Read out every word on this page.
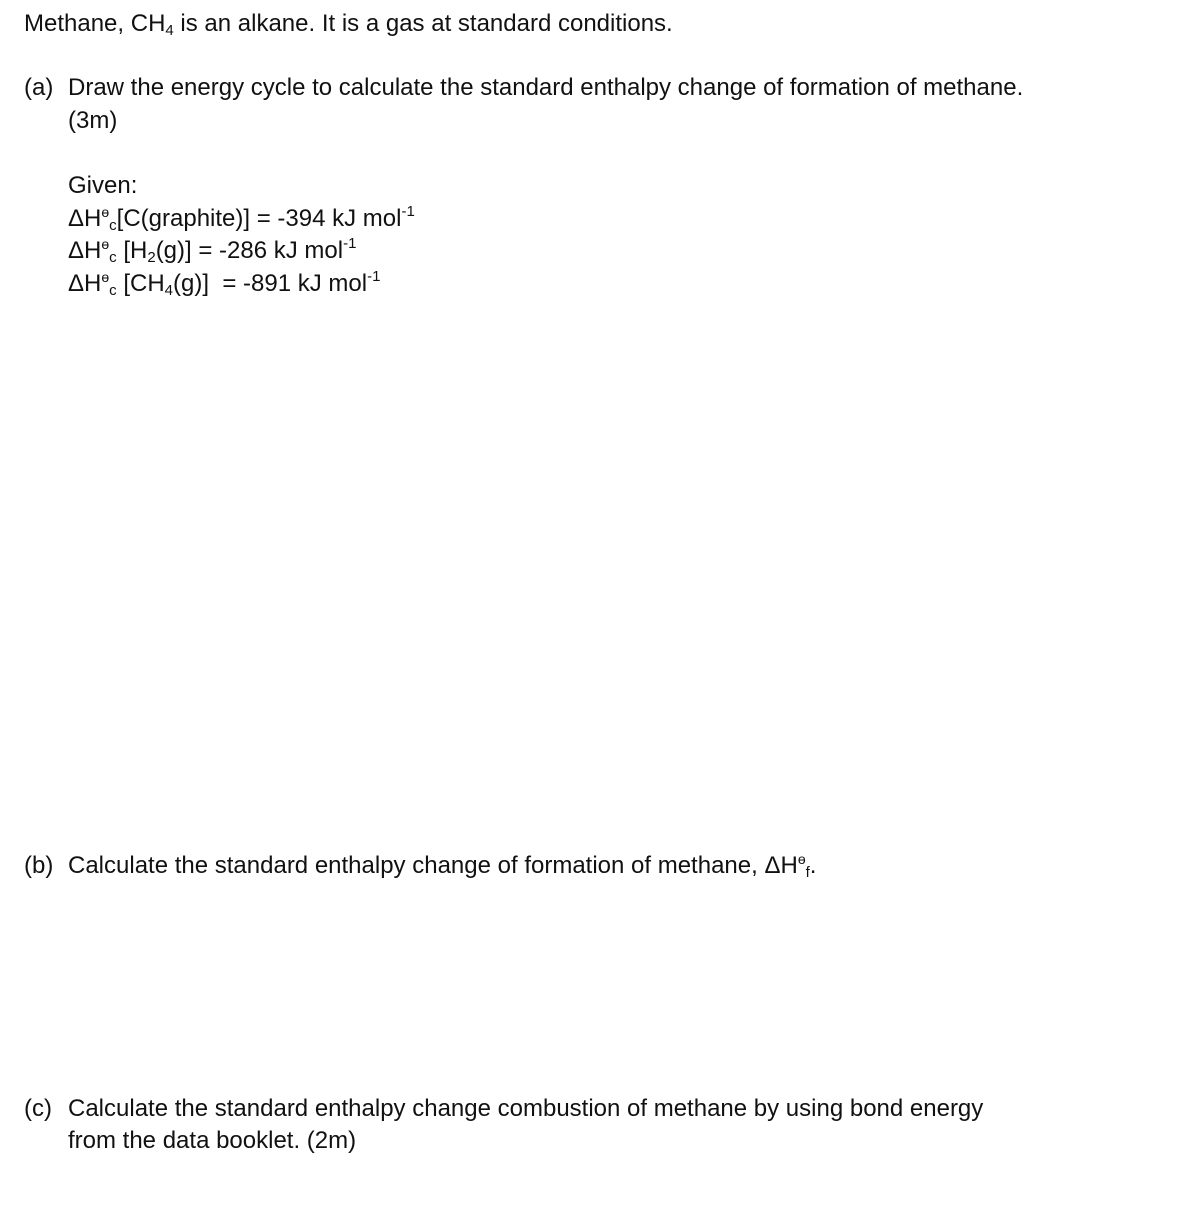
Methane, $CH_4$ is an alkane. It is a gas at standard conditions.
(a) Draw the energy cycle to calculate the standard enthalpy change of formation of methane.
(3m)
Given:
$\Delta H^ɵc[C(graphite)] = -394$ kJ mol$^{-1}$
$\Delta H^ɵc$ $[H_2(g)] = -286$ kJ mol$^{-1}$
$\Delta H^ɵc$ $[CH_4(g)] = -891$ kJ mol$^{-1}$
(b) Calculate the standard enthalpy change of formation of methane, $\Delta H^ɵf$.
(c) Calculate the standard enthalpy change combustion of methane by using bond energy
from the data booklet. (2m)
